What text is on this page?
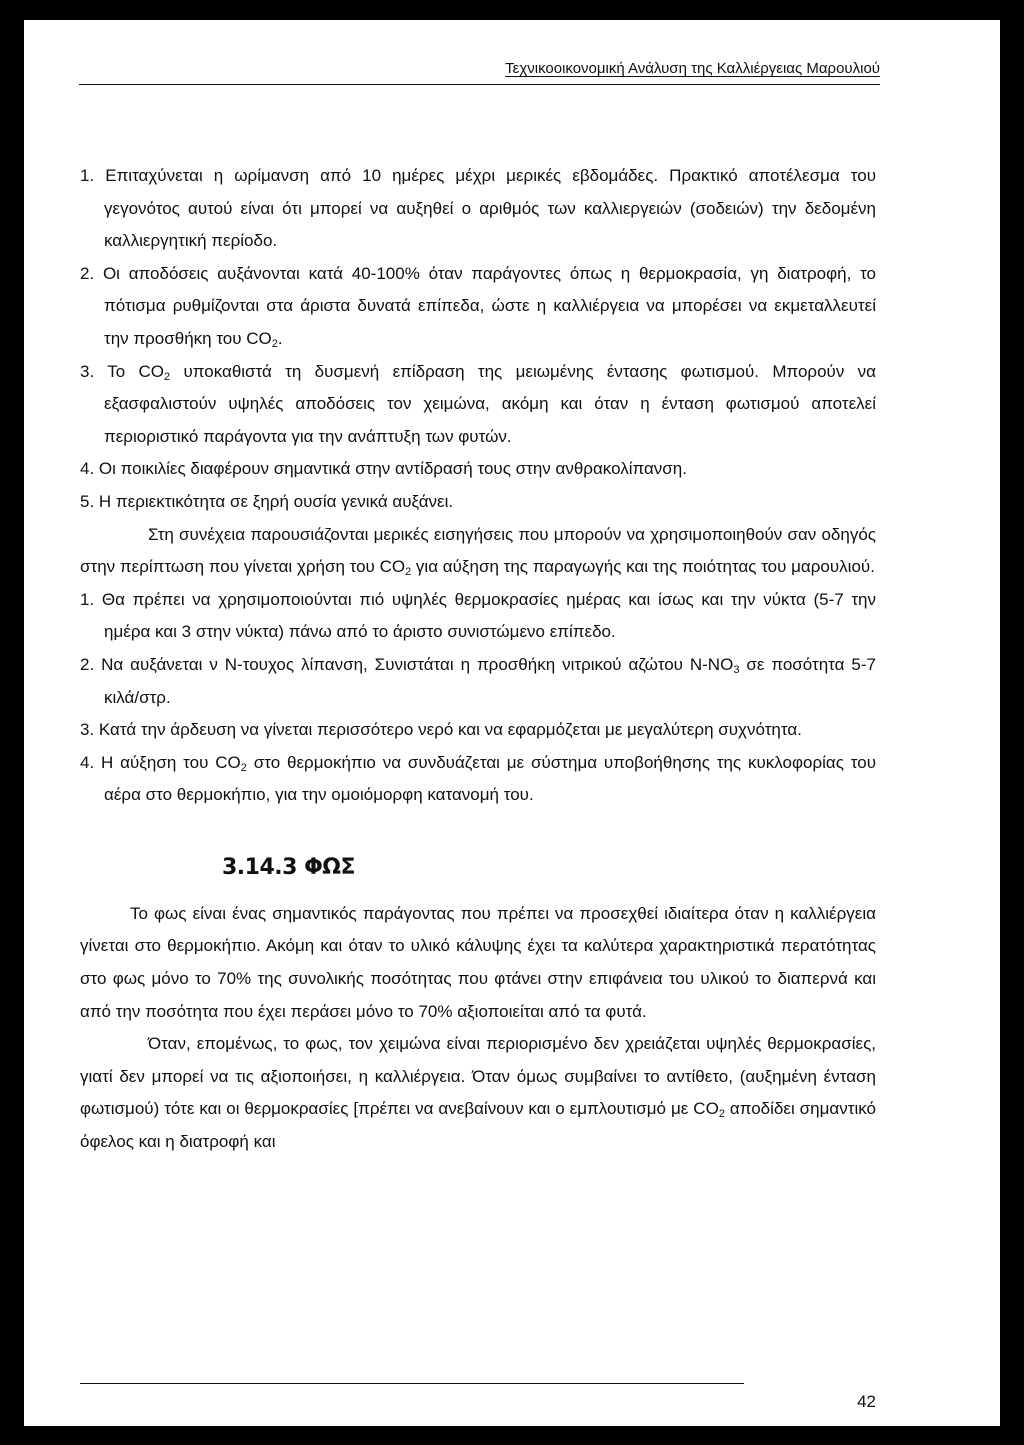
Τεχνικοοικονομική Ανάλυση της Καλλιέργειας Μαρουλιού

1. Επιταχύνεται η ωρίμανση από 10 ημέρες μέχρι μερικές εβδομάδες. Πρακτικό αποτέλεσμα του γεγονότος αυτού είναι ότι μπορεί να αυξηθεί ο αριθμός των καλλιεργειών (σοδειών) την δεδομένη καλλιεργητική περίοδο.

2. Οι αποδόσεις αυξάνονται κατά 40-100% όταν παράγοντες όπως η θερμοκρασία, γη διατροφή, το πότισμα ρυθμίζονται στα άριστα δυνατά επίπεδα, ώστε η καλλιέργεια να μπορέσει να εκμεταλλευτεί την προσθήκη του $CO_2$.

3. Το $CO_2$ υποκαθιστά τη δυσμενή επίδραση της μειωμένης έντασης φωτισμού. Μπορούν να εξασφαλιστούν υψηλές αποδόσεις τον χειμώνα, ακόμη και όταν η ένταση φωτισμού αποτελεί περιοριστικό παράγοντα για την ανάπτυξη των φυτών.

4. Οι ποικιλίες διαφέρουν σημαντικά στην αντίδρασή τους στην ανθρακολίπανση.

5. Η περιεκτικότητα σε ξηρή ουσία γενικά αυξάνει.

Στη συνέχεια παρουσιάζονται μερικές εισηγήσεις που μπορούν να χρησιμοποιηθούν σαν οδηγός στην περίπτωση που γίνεται χρήση του $CO_2$ για αύξηση της παραγωγής και της ποιότητας του μαρουλιού.

1. Θα πρέπει να χρησιμοποιούνται πιό υψηλές θερμοκρασίες ημέρας και ίσως και την νύκτα (5-7 την ημέρα και 3 στην νύκτα) πάνω από το άριστο συνιστώμενο επίπεδο.

2. Να αυξάνεται ν Ν-τουχος λίπανση, Συνιστάται η προσθήκη νιτρικού αζώτου $N-NO_3$ σε ποσότητα 5-7 κιλά/στρ.

3. Κατά την άρδευση να γίνεται περισσότερο νερό και να εφαρμόζεται με μεγαλύτερη συχνότητα.

4. Η αύξηση του $CO_2$ στο θερμοκήπιο να συνδυάζεται με σύστημα υποβοήθησης της κυκλοφορίας του αέρα στο θερμοκήπιο, για την ομοιόμορφη κατανομή του.

3.14.3 ΦΩΣ

Το φως είναι ένας σημαντικός παράγοντας που πρέπει να προσεχθεί ιδιαίτερα όταν η καλλιέργεια γίνεται στο θερμοκήπιο. Ακόμη και όταν το υλικό κάλυψης έχει τα καλύτερα χαρακτηριστικά περατότητας στο φως μόνο το 70% της συνολικής ποσότητας που φτάνει στην επιφάνεια του υλικού το διαπερνά και από την ποσότητα που έχει περάσει μόνο το 70% αξιοποιείται από τα φυτά.

Όταν, επομένως, το φως, τον χειμώνα είναι περιορισμένο δεν χρειάζεται υψηλές θερμοκρασίες, γιατί δεν μπορεί να τις αξιοποιήσει, η καλλιέργεια. Όταν όμως συμβαίνει το αντίθετο, (αυξημένη ένταση φωτισμού) τότε και οι θερμοκρασίες [πρέπει να ανεβαίνουν και ο εμπλουτισμό με $CO_2$ αποδίδει σημαντικό όφελος και η διατροφή και

42
